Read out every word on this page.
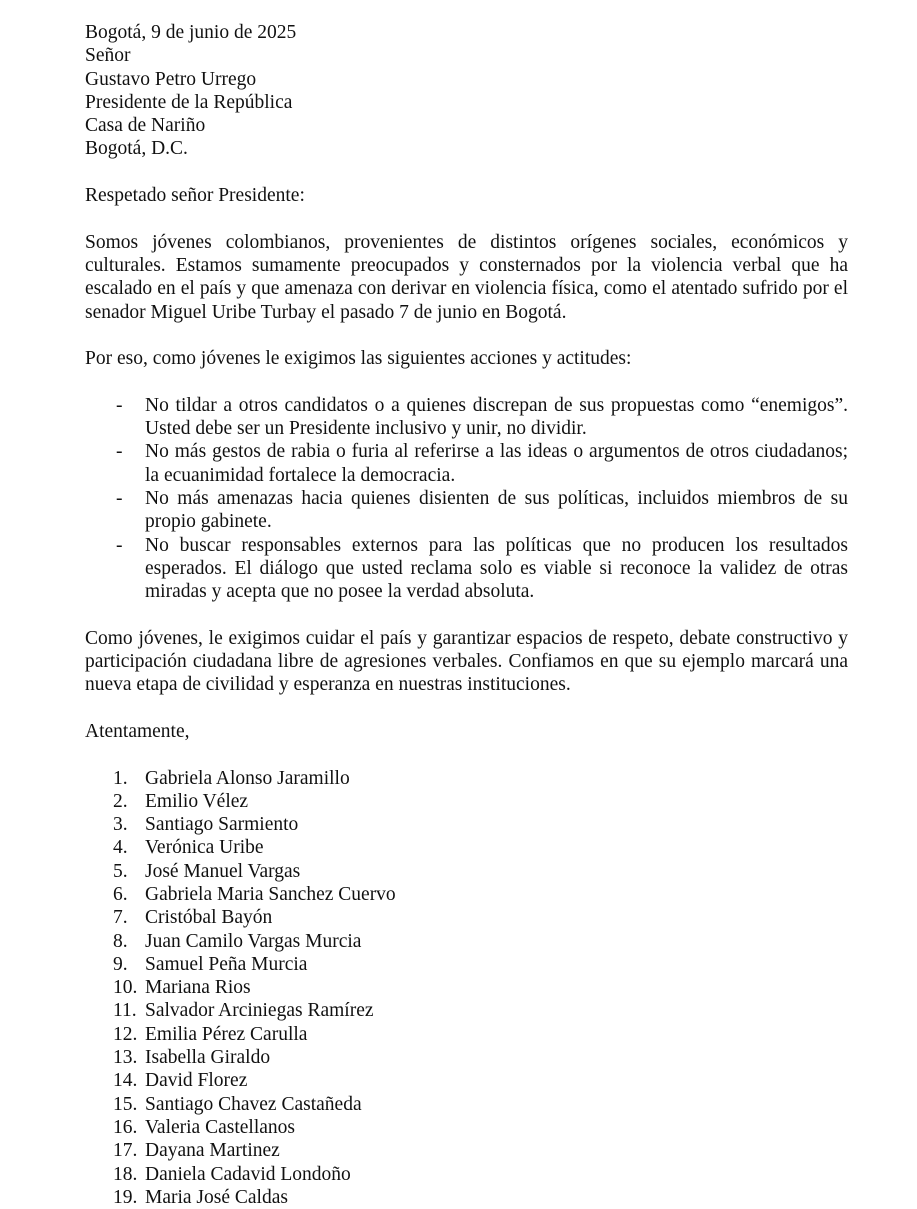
Bogotá, 9 de junio de 2025
Señor
Gustavo Petro Urrego
Presidente de la República
Casa de Nariño
Bogotá, D.C.
Respetado señor Presidente:

Somos jóvenes colombianos, provenientes de distintos orígenes sociales, económicos y culturales. Estamos sumamente preocupados y consternados por la violencia verbal que ha escalado en el país y que amenaza con derivar en violencia física, como el atentado sufrido por el senador Miguel Uribe Turbay el pasado 7 de junio en Bogotá.

Por eso, como jóvenes le exigimos las siguientes acciones y actitudes:

- No tildar a otros candidatos o a quienes discrepan de sus propuestas como “enemigos”. Usted debe ser un Presidente inclusivo y unir, no dividir.
- No más gestos de rabia o furia al referirse a las ideas o argumentos de otros ciudadanos; la ecuanimidad fortalece la democracia.
- No más amenazas hacia quienes disienten de sus políticas, incluidos miembros de su propio gabinete.
- No buscar responsables externos para las políticas que no producen los resultados esperados. El diálogo que usted reclama solo es viable si reconoce la validez de otras miradas y acepta que no posee la verdad absoluta.

Como jóvenes, le exigimos cuidar el país y garantizar espacios de respeto, debate constructivo y participación ciudadana libre de agresiones verbales. Confiamos en que su ejemplo marcará una nueva etapa de civilidad y esperanza en nuestras instituciones.

Atentamente,
1. Gabriela Alonso Jaramillo
2. Emilio Vélez
3. Santiago Sarmiento
4. Verónica Uribe
5. José Manuel Vargas
6. Gabriela Maria Sanchez Cuervo
7. Cristóbal Bayón
8. Juan Camilo Vargas Murcia
9. Samuel Peña Murcia
10. Mariana Rios
11. Salvador Arciniegas Ramírez
12. Emilia Pérez Carulla
13. Isabella Giraldo
14. David Florez
15. Santiago Chavez Castañeda
16. Valeria Castellanos
17. Dayana Martinez
18. Daniela Cadavid Londoño
19. Maria José Caldas
